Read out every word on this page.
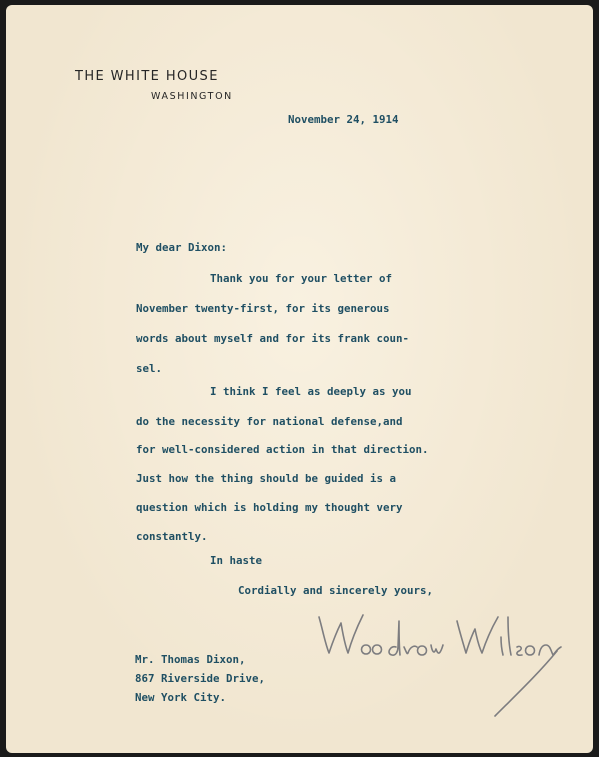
THE WHITE HOUSE
WASHINGTON
November 24, 1914
My dear Dixon:
Thank you for your letter of
November twenty-first, for its generous
words about myself and for its frank coun-
sel.
I think I feel as deeply as you
do the necessity for national defense,and
for well-considered action in that direction.
Just how the thing should be guided is a
question which is holding my thought very
constantly.
In haste
Cordially and sincerely yours,
Mr. Thomas Dixon,
867 Riverside Drive,
New York City.
